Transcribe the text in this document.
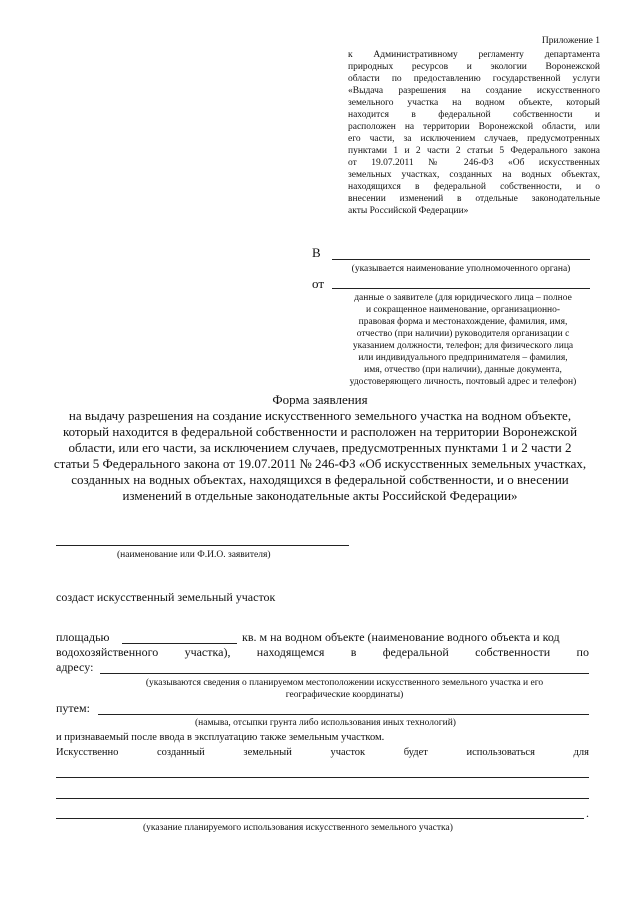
Приложение 1
к Административному регламенту департамента
природных ресурсов и экологии Воронежской
области по предоставлению государственной услуги
«Выдача разрешения на создание искусственного
земельного участка на водном объекте, который
находится в федеральной собственности и
расположен на территории Воронежской области, или
его части, за исключением случаев, предусмотренных
пунктами 1 и 2 части 2 статьи 5 Федерального закона
от 19.07.2011 № 246-ФЗ «Об искусственных
земельных участках, созданных на водных объектах,
находящихся в федеральной собственности, и о
внесении изменений в отдельные законодательные
акты Российской Федерации»
В
(указывается наименование уполномоченного органа)
от
данные о заявителе (для юридического лица – полное
и сокращенное наименование, организационно-
правовая форма и местонахождение, фамилия, имя,
отчество (при наличии) руководителя организации с
указанием должности, телефон; для физического лица
или индивидуального предпринимателя – фамилия,
имя, отчество (при наличии), данные документа,
удостоверяющего личность, почтовый адрес и телефон)
Форма заявления
на выдачу разрешения на создание искусственного земельного участка на водном объекте,
который находится в федеральной собственности и расположен на территории Воронежской
области, или его части, за исключением случаев, предусмотренных пунктами 1 и 2 части 2
статьи 5 Федерального закона от 19.07.2011 № 246-ФЗ «Об искусственных земельных участках,
созданных на водных объектах, находящихся в федеральной собственности, и о внесении
изменений в отдельные законодательные акты Российской Федерации»
(наименование или Ф.И.О. заявителя)
создаст искусственный земельный участок
площадью	кв. м на водном объекте (наименование водного объекта и код
водохозяйственного участка), находящемся в федеральной собственности по
адресу:
(указываются сведения о планируемом местоположении искусственного земельного участка и его
географические координаты)
путем:
(намыва, отсыпки грунта либо использования иных технологий)
и признаваемый после ввода в эксплуатацию также земельным участком.
Искусственно	созданный	земельный	участок	будет	использоваться	для
.
(указание планируемого использования искусственного земельного участка)
